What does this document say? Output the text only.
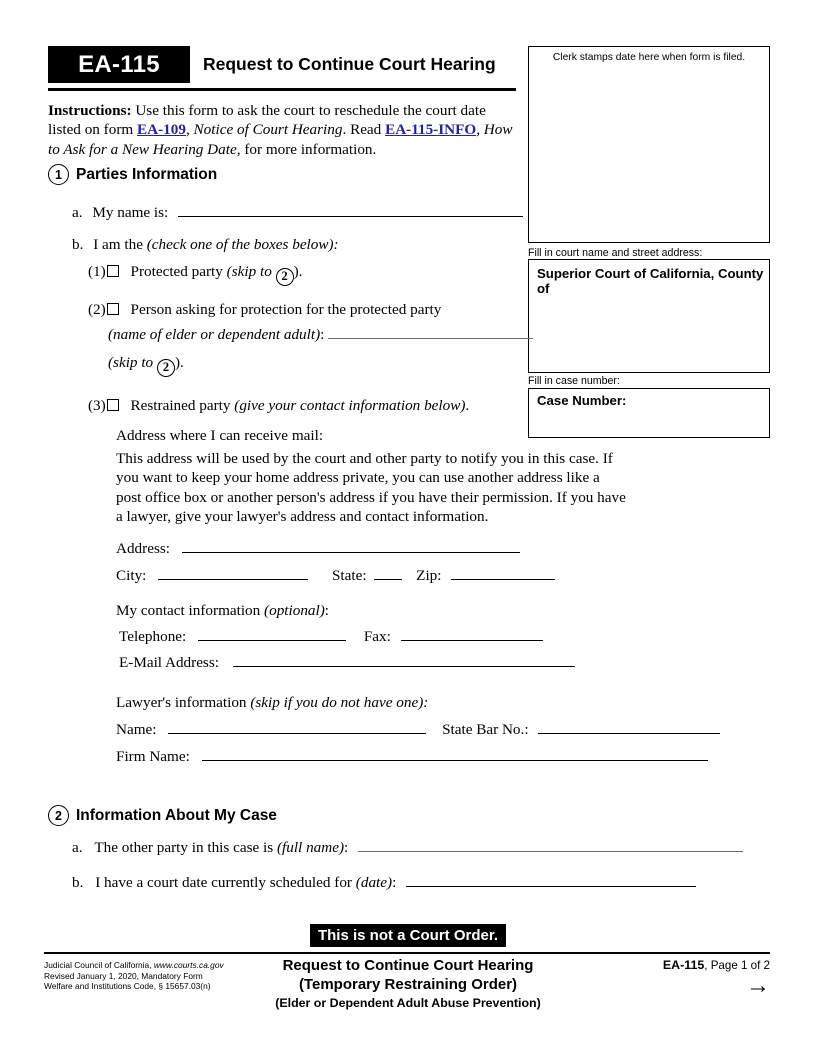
EA-115	Request to Continue Court Hearing
Instructions: Use this form to ask the court to reschedule the court date listed on form EA-109, Notice of Court Hearing. Read EA-115-INFO, How to Ask for a New Hearing Date, for more information.
Clerk stamps date here when form is filed.
Fill in court name and street address:
Superior Court of California, County of
Fill in case number:
Case Number:
1 Parties Information
a. My name is:
b. I am the (check one of the boxes below):
(1) Protected party (skip to 2 ).
(2) Person asking for protection for the protected party
(name of elder or dependent adult):
(skip to 2 ).
(3) Restrained party (give your contact information below).
Address where I can receive mail:
This address will be used by the court and other party to notify you in this case. If you want to keep your home address private, you can use another address like a post office box or another person's address if you have their permission. If you have a lawyer, give your lawyer's address and contact information.
Address:
City:	State:	Zip:
My contact information (optional):
Telephone:	Fax:
E-Mail Address:
Lawyer's information (skip if you do not have one):
Name:	State Bar No.:
Firm Name:
2 Information About My Case
a. The other party in this case is (full name):
b. I have a court date currently scheduled for (date):
This is not a Court Order.
Judicial Council of California, www.courts.ca.gov
Revised January 1, 2020, Mandatory Form
Welfare and Institutions Code, § 15657.03(n)
Request to Continue Court Hearing
(Temporary Restraining Order)
(Elder or Dependent Adult Abuse Prevention)
EA-115, Page 1 of 2
→
